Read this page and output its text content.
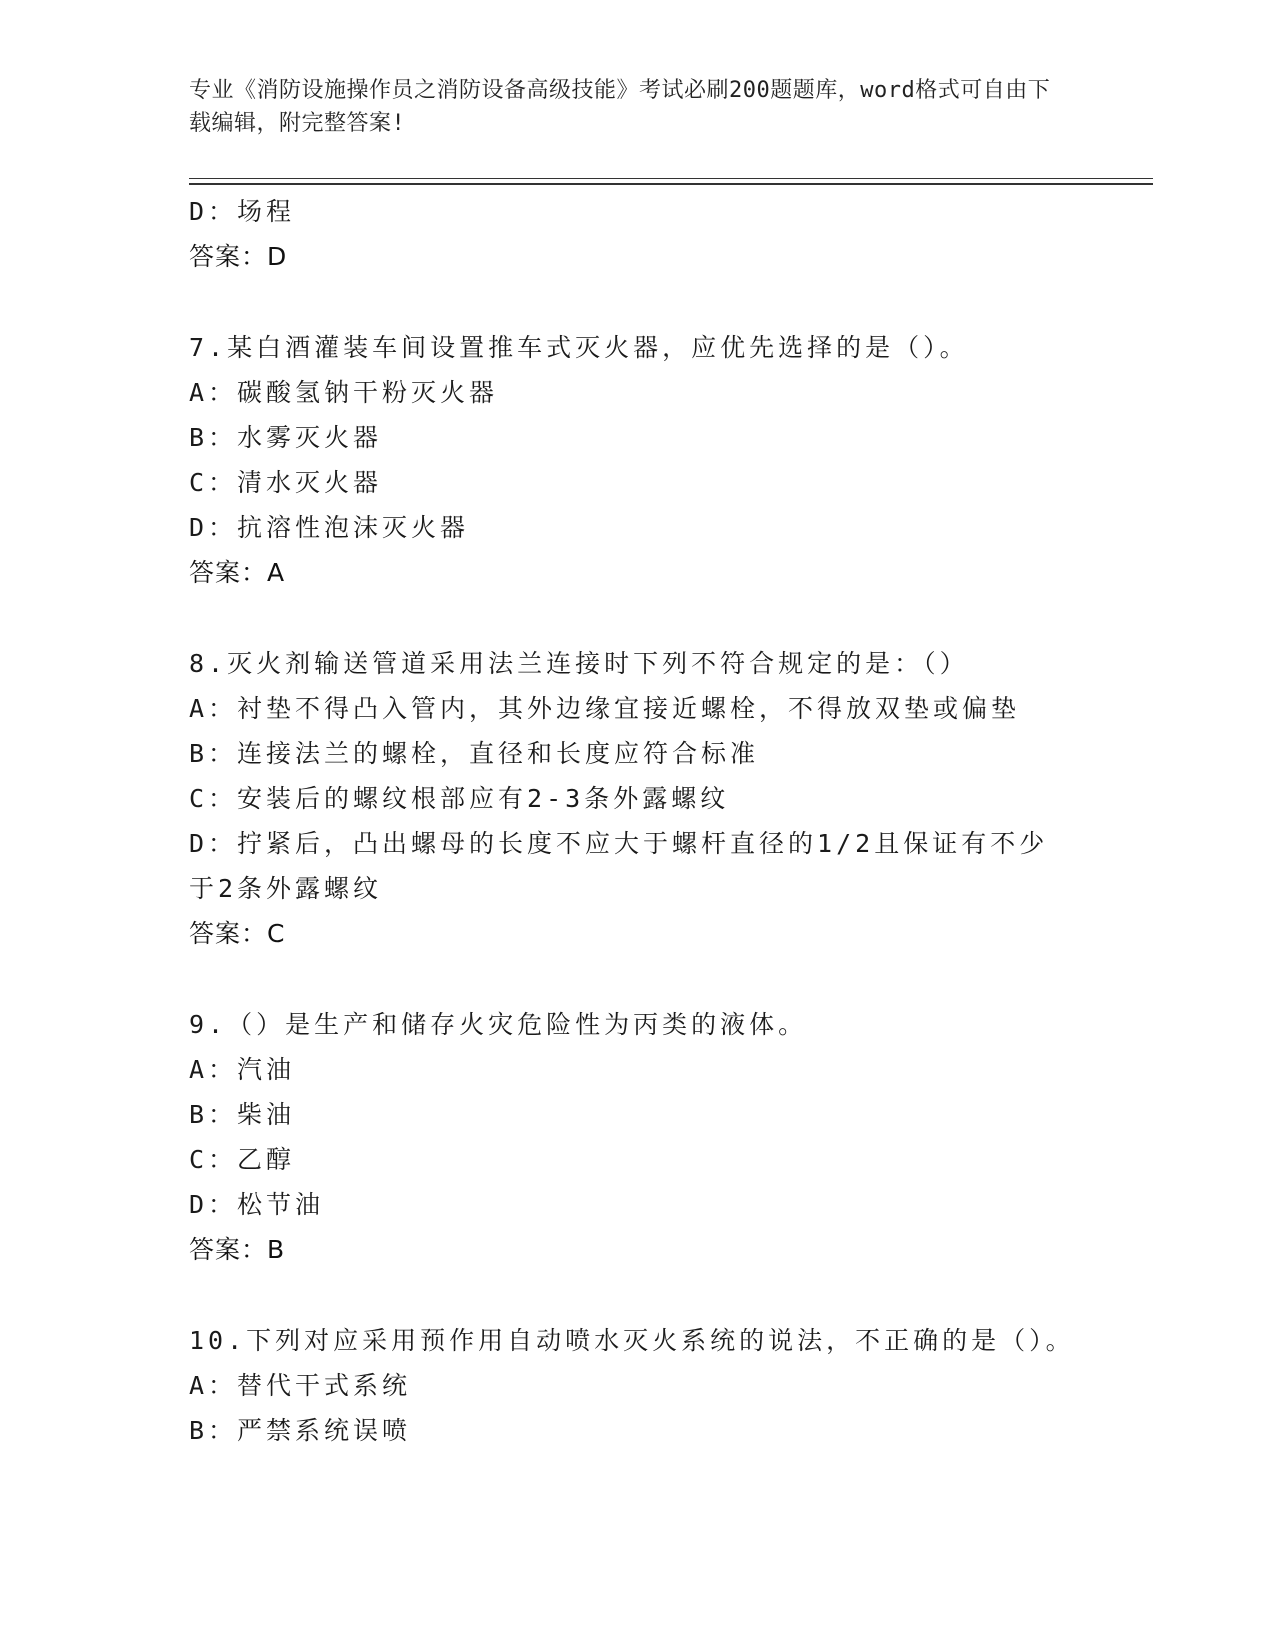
专业《消防设施操作员之消防设备高级技能》考试必刷200题题库，word格式可自由下载编辑，附完整答案!
D：场程
答案：D
7.某白酒灌装车间设置推车式灭火器，应优先选择的是（）。
A：碳酸氢钠干粉灭火器
B：水雾灭火器
C：清水灭火器
D：抗溶性泡沫灭火器
答案：A
8.灭火剂输送管道采用法兰连接时下列不符合规定的是：（）
A：衬垫不得凸入管内，其外边缘宜接近螺栓，不得放双垫或偏垫
B：连接法兰的螺栓，直径和长度应符合标准
C：安装后的螺纹根部应有2-3条外露螺纹
D：拧紧后，凸出螺母的长度不应大于螺杆直径的1/2且保证有不少于2条外露螺纹
答案：C
9.（）是生产和储存火灾危险性为丙类的液体。
A：汽油
B：柴油
C：乙醇
D：松节油
答案：B
10.下列对应采用预作用自动喷水灭火系统的说法，不正确的是（）。
A：替代干式系统
B：严禁系统误喷
